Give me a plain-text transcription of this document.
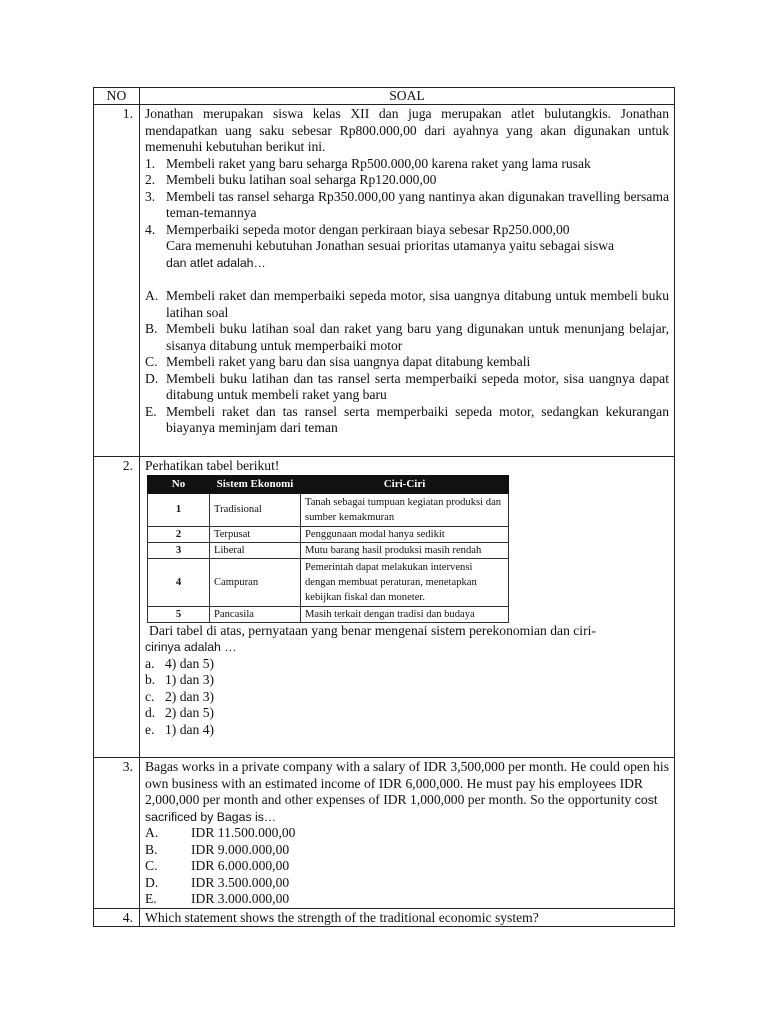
NO	SOAL
1.	Jonathan merupakan siswa kelas XII dan juga merupakan atlet bulutangkis. Jonathan mendapatkan uang saku sebesar Rp800.000,00 dari ayahnya yang akan digunakan untuk memenuhi kebutuhan berikut ini.
1. Membeli raket yang baru seharga Rp500.000,00 karena raket yang lama rusak
2. Membeli buku latihan soal seharga Rp120.000,00
3. Membeli tas ransel seharga Rp350.000,00 yang nantinya akan digunakan travelling bersama teman-temannya
4. Memperbaiki sepeda motor dengan perkiraan biaya sebesar Rp250.000,00
Cara memenuhi kebutuhan Jonathan sesuai prioritas utamanya yaitu sebagai siswa
dan atlet adalah…
A. Membeli raket dan memperbaiki sepeda motor, sisa uangnya ditabung untuk membeli buku latihan soal
B. Membeli buku latihan soal dan raket yang baru yang digunakan untuk menunjang belajar, sisanya ditabung untuk memperbaiki motor
C. Membeli raket yang baru dan sisa uangnya dapat ditabung kembali
D. Membeli buku latihan dan tas ransel serta memperbaiki sepeda motor, sisa uangnya dapat ditabung untuk membeli raket yang baru
E. Membeli raket dan tas ransel serta memperbaiki sepeda motor, sedangkan kekurangan biayanya meminjam dari teman

2.	Perhatikan tabel berikut!
No	Sistem Ekonomi	Ciri-Ciri
1	Tradisional	Tanah sebagai tumpuan kegiatan produksi dan sumber kemakmuran
2	Terpusat	Penggunaan modal hanya sedikit
3	Liberal	Mutu barang hasil produksi masih rendah
4	Campuran	Pemerintah dapat melakukan intervensi dengan membuat peraturan, menetapkan kebijkan fiskal dan moneter.
5	Pancasila	Masih terkait dengan tradisi dan budaya
Dari tabel di atas, pernyataan yang benar mengenai sistem perekonomian dan ciri-
cirinya adalah …
a. 4) dan 5)
b. 1) dan 3)
c. 2) dan 3)
d. 2) dan 5)
e. 1) dan 4)

3.	Bagas works in a private company with a salary of IDR 3,500,000 per month. He could open his own business with an estimated income of IDR 6,000,000. He must pay his employees IDR 2,000,000 per month and other expenses of IDR 1,000,000 per month. So the opportunity cost sacrificed by Bagas is…
A.	IDR 11.500.000,00
B.	IDR 9.000.000,00
C.	IDR 6.000.000,00
D.	IDR 3.500.000,00
E.	IDR 3.000.000,00

4.	Which statement shows the strength of the traditional economic system?
